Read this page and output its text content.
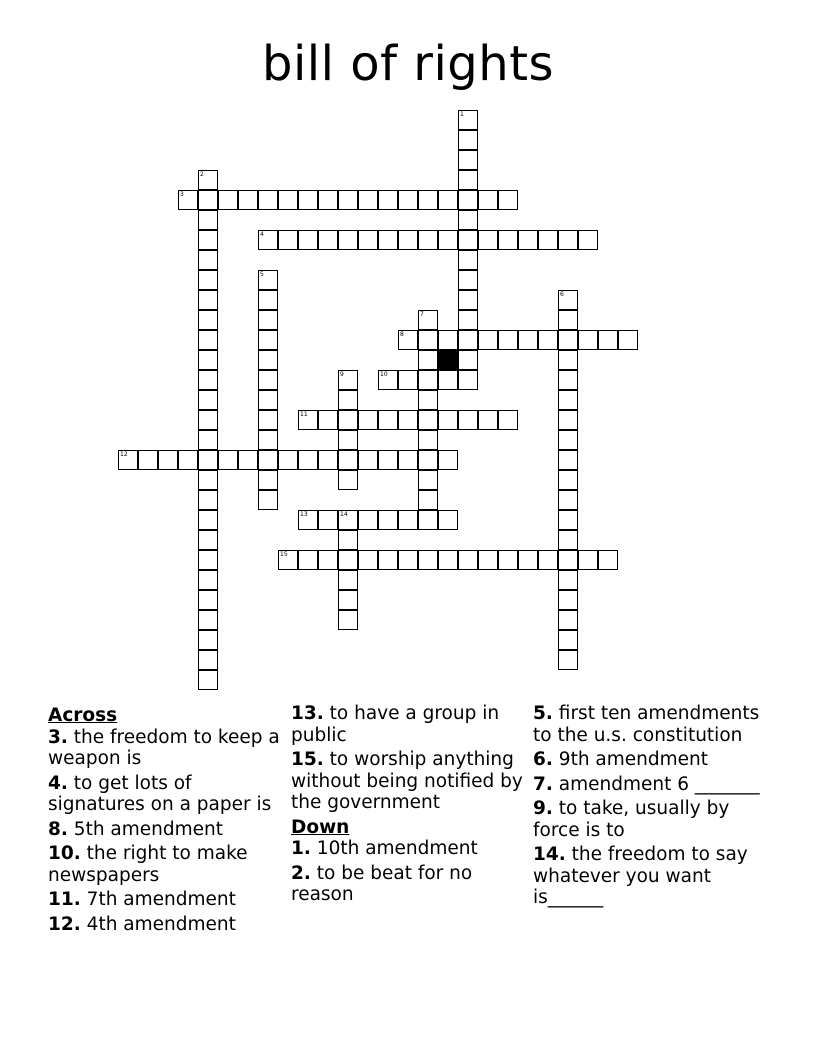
bill of rights
1
2
3
4
5
6
7
8
9	10
11
12
13	14
15
Across
3. the freedom to keep a weapon is
4. to get lots of signatures on a paper is
8. 5th amendment
10. the right to make newspapers
11. 7th amendment
12. 4th amendment
13. to have a group in public
15. to worship anything without being notified by the government
Down
1. 10th amendment
2. to be beat for no reason
5. first ten amendments to the u.s. constitution
6. 9th amendment
7. amendment 6 _______
9. to take, usually by force is to
14. the freedom to say whatever you want is______
